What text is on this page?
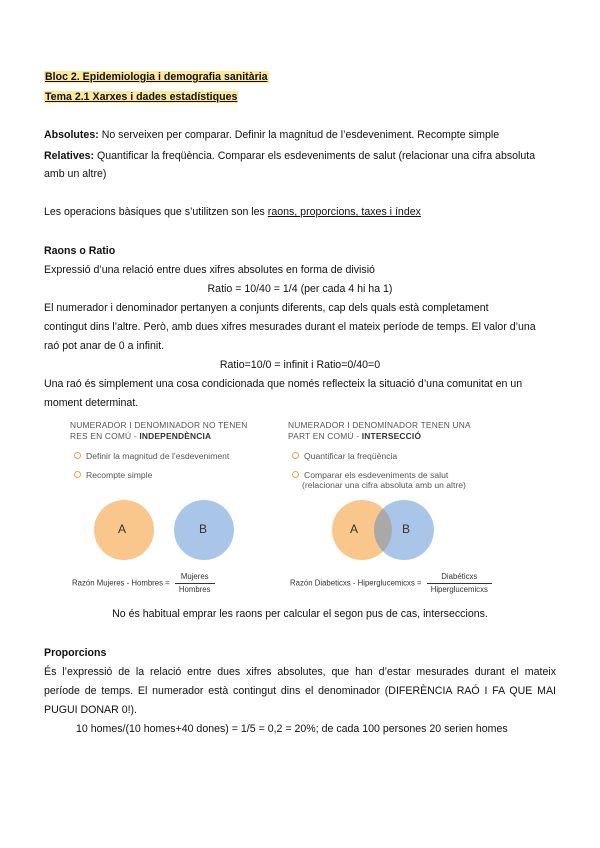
Bloc 2. Epidemiologia i demografia sanitària
Tema 2.1 Xarxes i dades estadístiques
Absolutes: No serveixen per comparar. Definir la magnitud de l’esdeveniment. Recompte simple
Relatives: Quantificar la freqüència. Comparar els esdeveniments de salut (relacionar una cifra absoluta
amb un altre)
Les operacions bàsiques que s’utilitzen son les raons, proporcions, taxes i índex
Raons o Ratio
Expressió d’una relació entre dues xifres absolutes en forma de divisió
Ratio = 10/40 = 1/4 (per cada 4 hi ha 1)
El numerador i denominador pertanyen a conjunts diferents, cap dels quals està completament
contingut dins l’altre. Però, amb dues xifres mesurades durant el mateix període de temps. El valor d’una
raó pot anar de 0 a infinit.
Ratio=10/0 = infinit i Ratio=0/40=0
Una raó és simplement una cosa condicionada que només reflecteix la situació d’una comunitat en un
moment determinat.
NUMERADOR I DENOMINADOR NO TENEN
RES EN COMÚ - INDEPENDÈNCIA
Definir la magnitud de l’esdeveniment
Recompte simple
NUMERADOR I DENOMINADOR TENEN UNA
PART EN COMÚ - INTERSECCIÓ
Quantificar la freqüència
Comparar els esdeveniments de salut
(relacionar una cifra absoluta amb un altre)
A	B	A	B
Razón Mujeres - Hombres = $\frac{\text{Mujeres}}{\text{Hombres}}$	Razón Diabeticxs - Hiperglucemicxs = $\frac{\text{Diabéticxs}}{\text{Hiperglucemicxs}}$
No és habitual emprar les raons per calcular el segon pus de cas, interseccions.
Proporcions
És l’expressió de la relació entre dues xifres absolutes, que han d’estar mesurades durant el mateix
període de temps. El numerador està contingut dins el denominador (DIFERÈNCIA RAÓ I FA QUE MAI
PUGUI DONAR 0!).
10 homes/(10 homes+40 dones) = 1/5 = 0,2 = 20%; de cada 100 persones 20 serien homes
